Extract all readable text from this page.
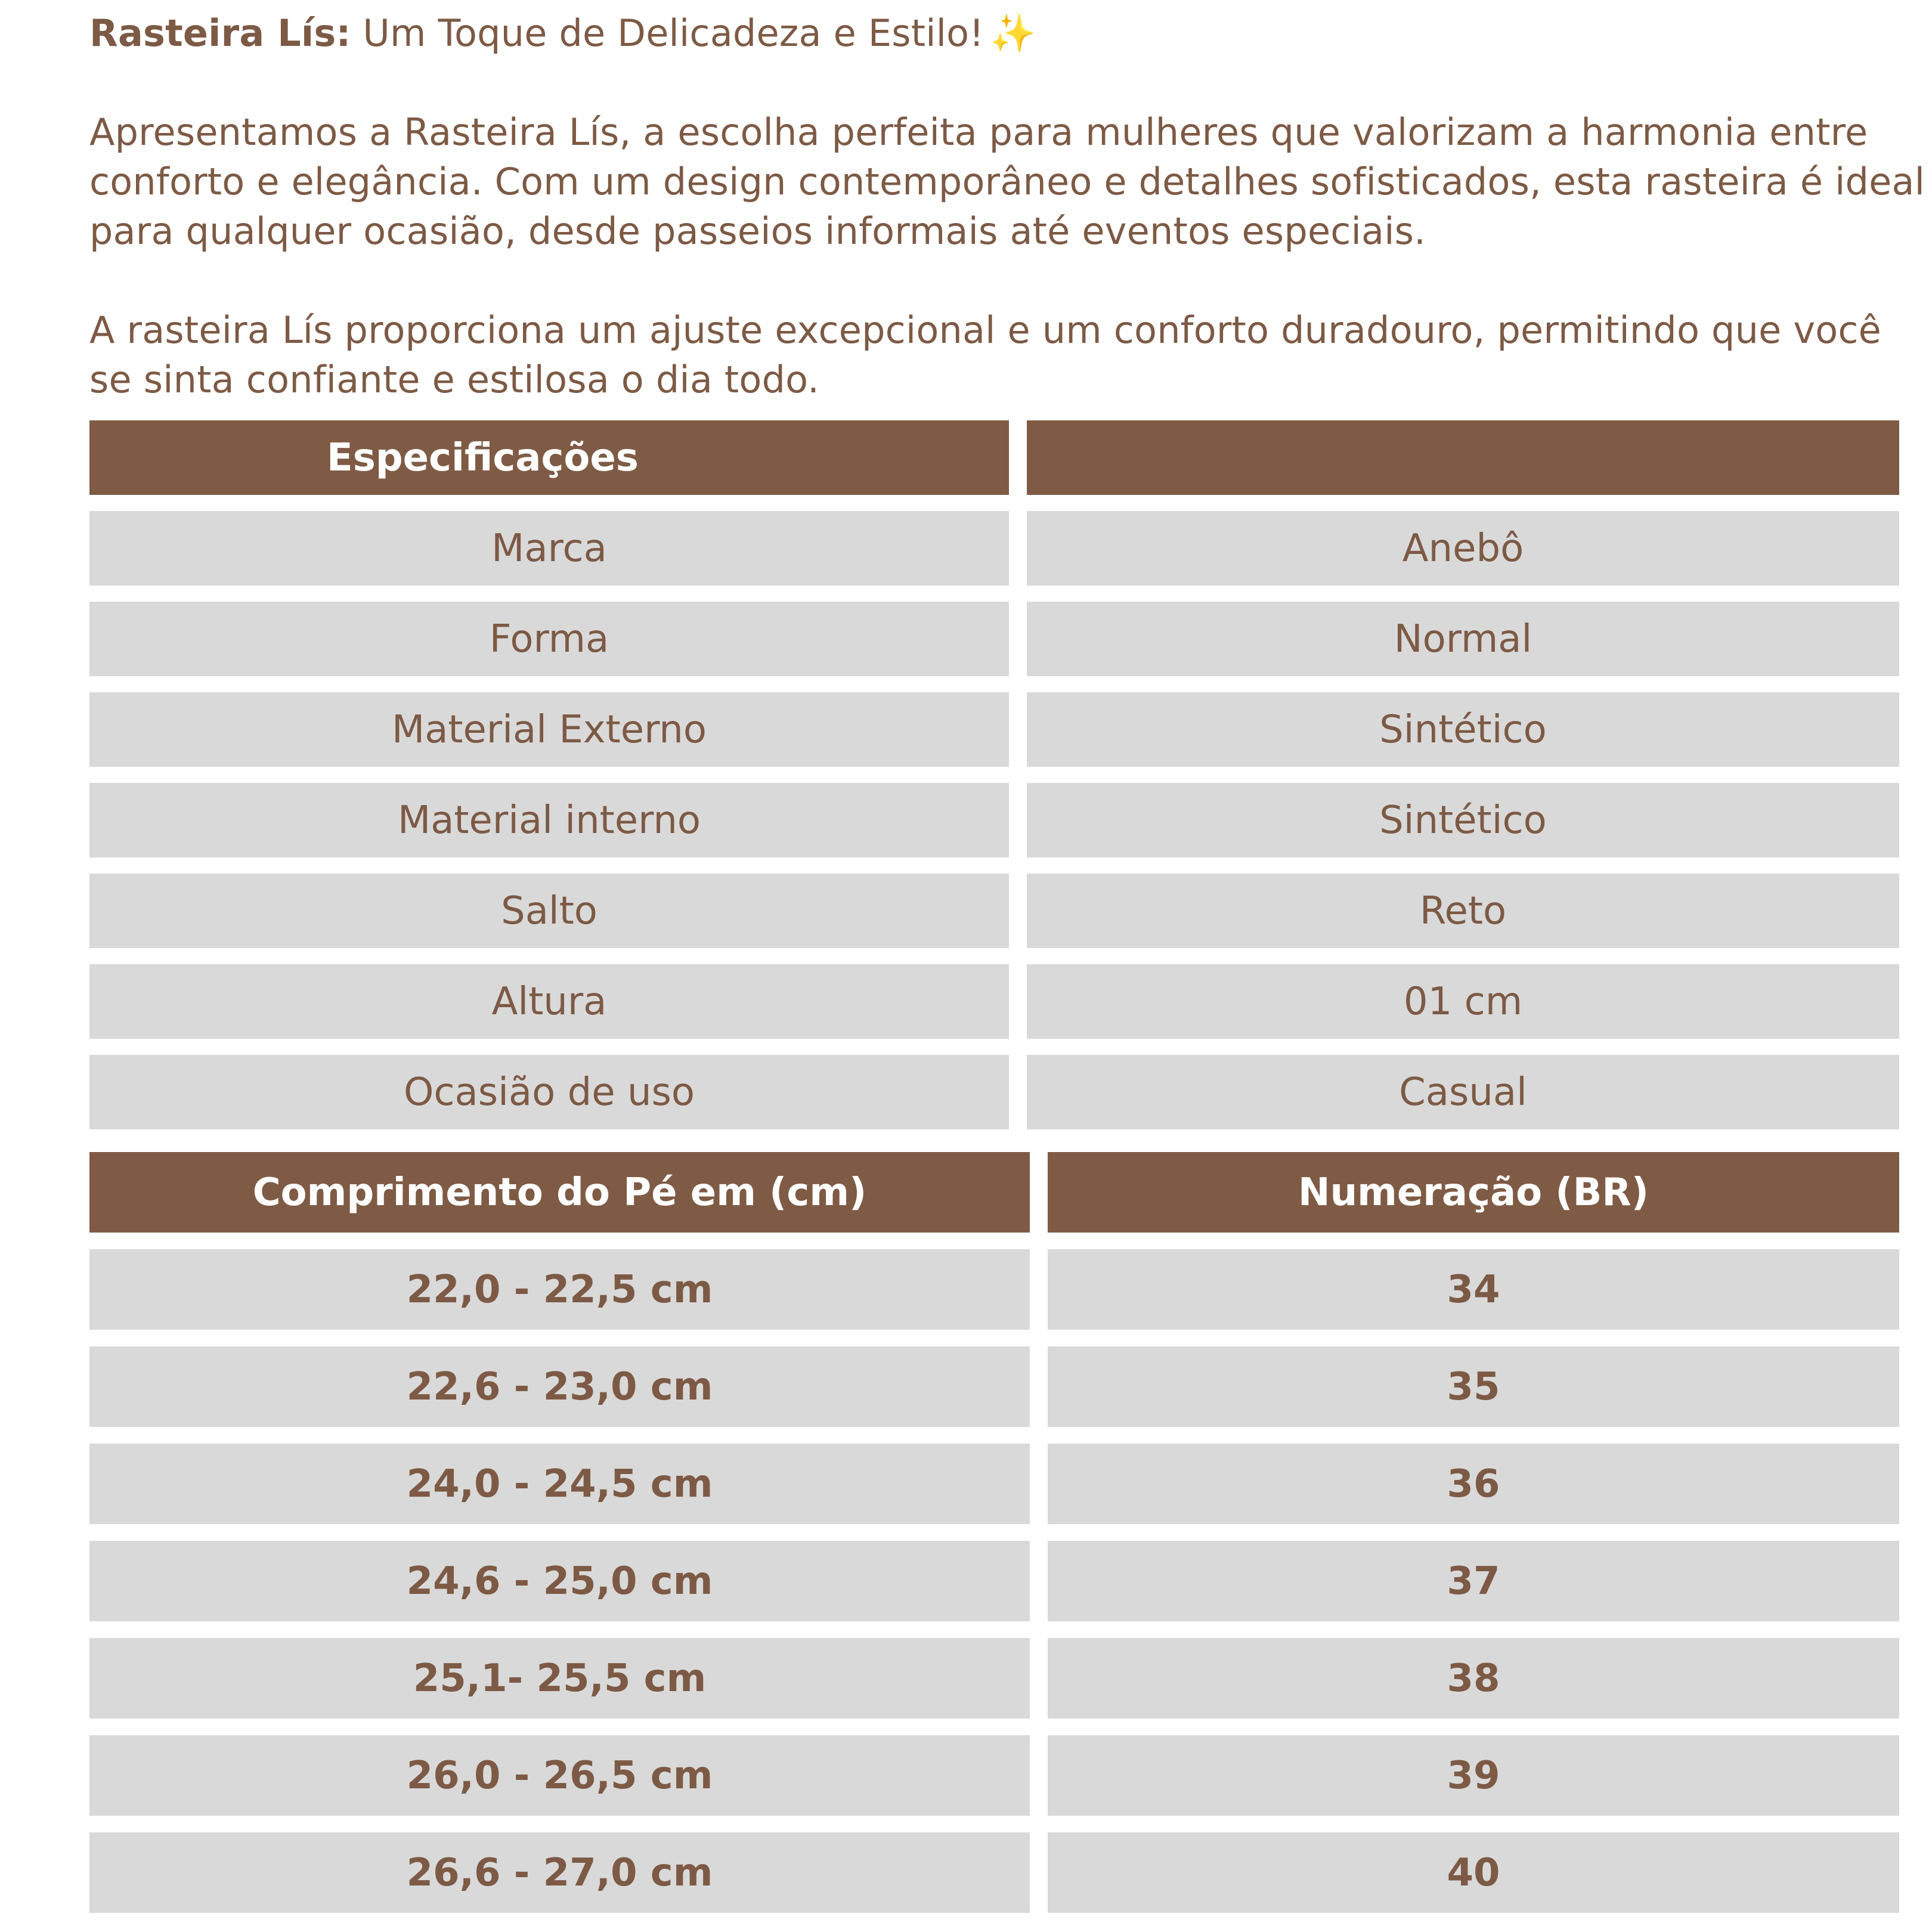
Rasteira Lís: Um Toque de Delicadeza e Estilo! ✨

Apresentamos a Rasteira Lís, a escolha perfeita para mulheres que valorizam a harmonia entre conforto e elegância. Com um design contemporâneo e detalhes sofisticados, esta rasteira é ideal para qualquer ocasião, desde passeios informais até eventos especiais.

A rasteira Lís proporciona um ajuste excepcional e um conforto duradouro, permitindo que você se sinta confiante e estilosa o dia todo.

Especificações
Marca	Anebô
Forma	Normal
Material Externo	Sintético
Material interno	Sintético
Salto	Reto
Altura	01 cm
Ocasião de uso	Casual
Comprimento do Pé em (cm)	Numeração (BR)
22,0 - 22,5 cm	34
22,6 - 23,0 cm	35
24,0 - 24,5 cm	36
24,6 - 25,0 cm	37
25,1- 25,5 cm	38
26,0 - 26,5 cm	39
26,6 - 27,0 cm	40
